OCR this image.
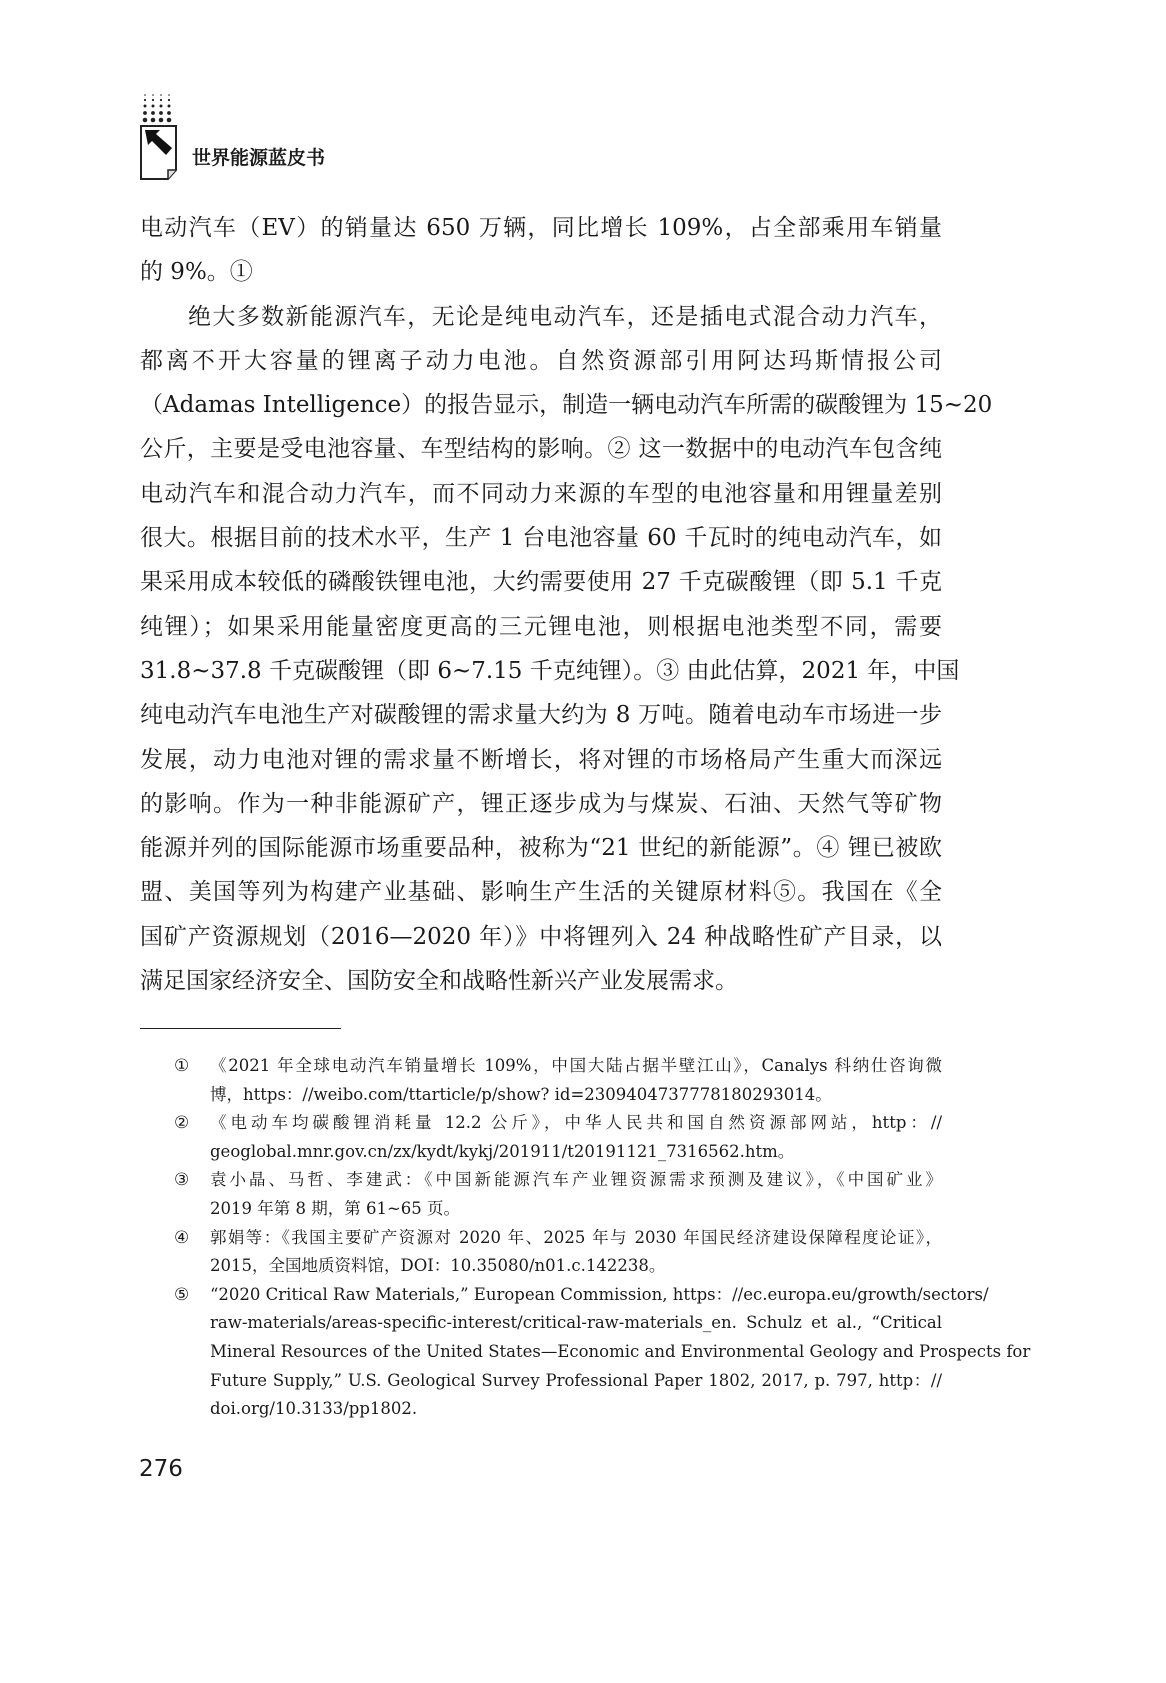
世界能源蓝皮书
电动汽车（EV）的销量达 650 万辆，同比增长 109%，占全部乘用车销量
的 9%。①
绝大多数新能源汽车，无论是纯电动汽车，还是插电式混合动力汽车，
都离不开大容量的锂离子动力电池。自然资源部引用阿达玛斯情报公司
（Adamas Intelligence）的报告显示，制造一辆电动汽车所需的碳酸锂为 15~20
公斤，主要是受电池容量、车型结构的影响。② 这一数据中的电动汽车包含纯
电动汽车和混合动力汽车，而不同动力来源的车型的电池容量和用锂量差别
很大。根据目前的技术水平，生产 1 台电池容量 60 千瓦时的纯电动汽车，如
果采用成本较低的磷酸铁锂电池，大约需要使用 27 千克碳酸锂（即 5.1 千克
纯锂）；如果采用能量密度更高的三元锂电池，则根据电池类型不同，需要
31.8~37.8 千克碳酸锂（即 6~7.15 千克纯锂）。③ 由此估算，2021 年，中国
纯电动汽车电池生产对碳酸锂的需求量大约为 8 万吨。随着电动车市场进一步
发展，动力电池对锂的需求量不断增长，将对锂的市场格局产生重大而深远
的影响。作为一种非能源矿产，锂正逐步成为与煤炭、石油、天然气等矿物
能源并列的国际能源市场重要品种，被称为“21 世纪的新能源”。④ 锂已被欧
盟、美国等列为构建产业基础、影响生产生活的关键原材料⑤。我国在《全
国矿产资源规划（2016—2020 年）》中将锂列入 24 种战略性矿产目录，以
满足国家经济安全、国防安全和战略性新兴产业发展需求。
① 《2021 年全球电动汽车销量增长 109%，中国大陆占据半壁江山》，Canalys 科纳仕咨询微
博，https：//weibo.com/ttarticle/p/show? id=2309404737778180293014。
② 《电动车均碳酸锂消耗量 12.2 公斤》，中华人民共和国自然资源部网站，http：//
geoglobal.mnr.gov.cn/zx/kydt/kykj/201911/t20191121_7316562.htm。
③ 袁小晶、马哲、李建武：《中国新能源汽车产业锂资源需求预测及建议》，《中国矿业》
2019 年第 8 期，第 61~65 页。
④ 郭娟等：《我国主要矿产资源对 2020 年、2025 年与 2030 年国民经济建设保障程度论证》，
2015，全国地质资料馆，DOI：10.35080/n01.c.142238。
⑤ “2020 Critical Raw Materials,” European Commission, https：//ec.europa.eu/growth/sectors/
raw-materials/areas-specific-interest/critical-raw-materials_en. Schulz et al., “Critical
Mineral Resources of the United States—Economic and Environmental Geology and Prospects for
Future Supply,” U.S. Geological Survey Professional Paper 1802, 2017, p. 797, http：//
doi.org/10.3133/pp1802.
276
